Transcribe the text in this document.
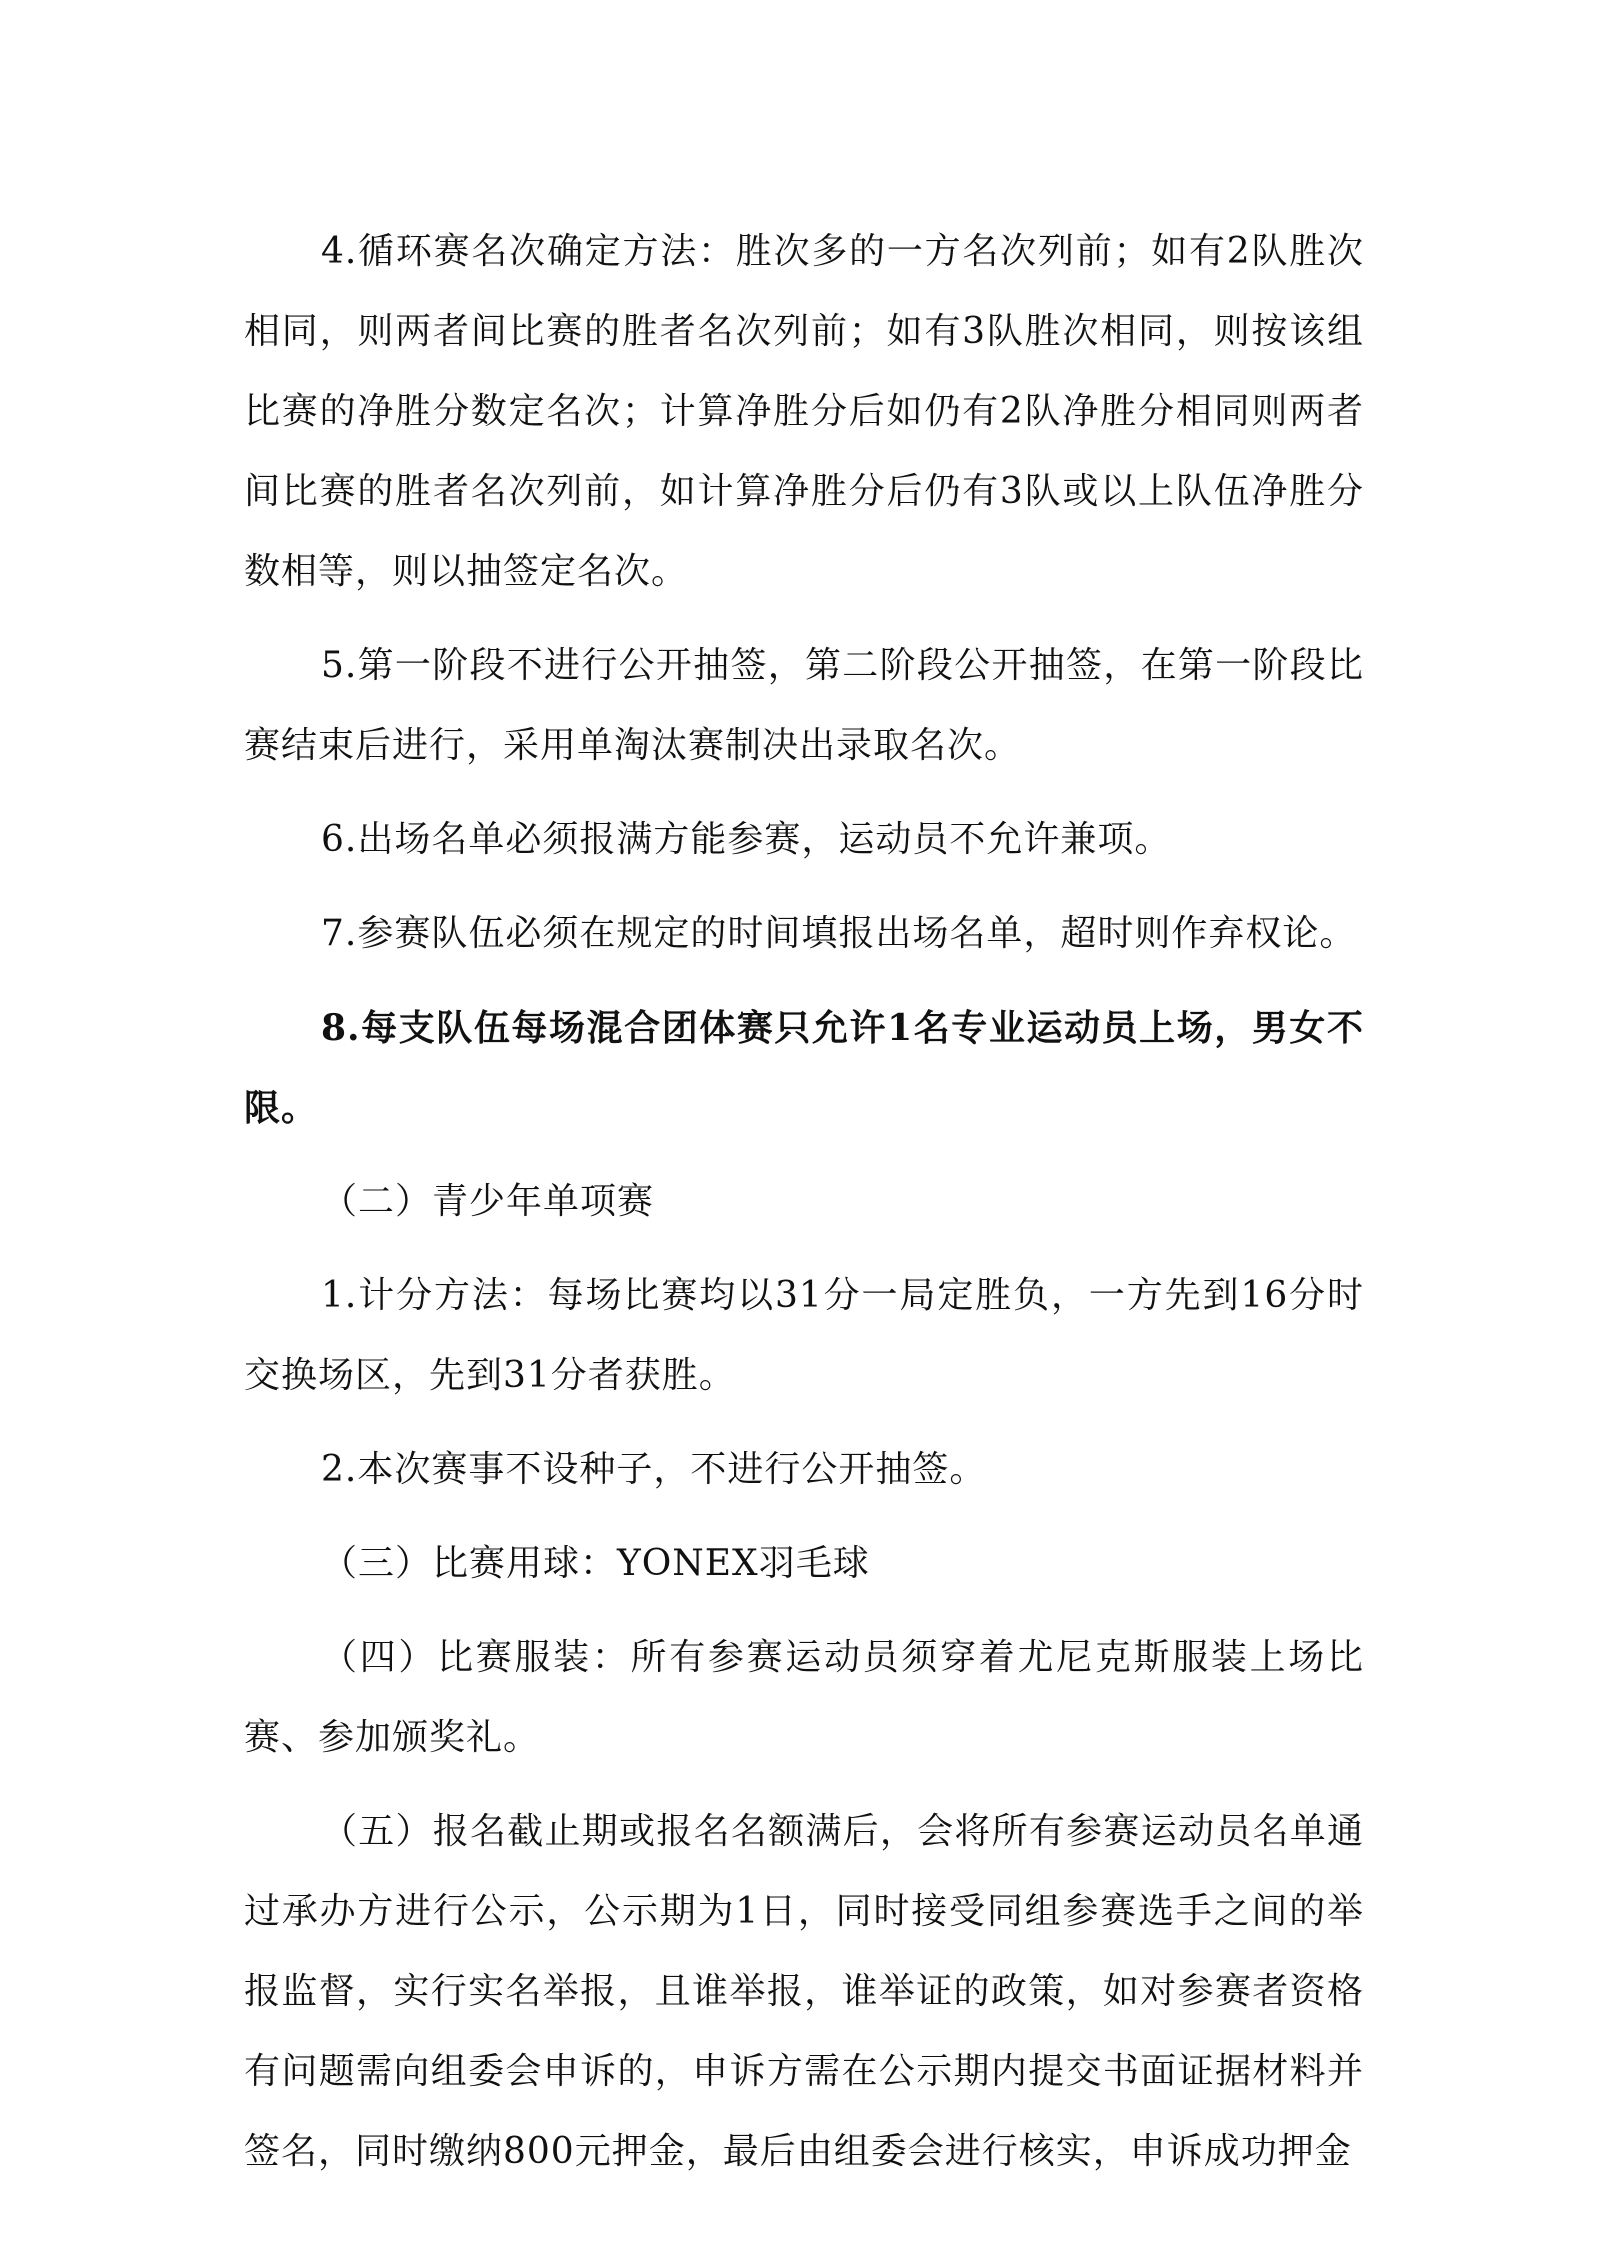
4.循环赛名次确定方法：胜次多的一方名次列前；如有2队胜次相同，则两者间比赛的胜者名次列前；如有3队胜次相同，则按该组比赛的净胜分数定名次；计算净胜分后如仍有2队净胜分相同则两者间比赛的胜者名次列前，如计算净胜分后仍有3队或以上队伍净胜分数相等，则以抽签定名次。

5.第一阶段不进行公开抽签，第二阶段公开抽签，在第一阶段比赛结束后进行，采用单淘汰赛制决出录取名次。

6.出场名单必须报满方能参赛，运动员不允许兼项。

7.参赛队伍必须在规定的时间填报出场名单，超时则作弃权论。

8.每支队伍每场混合团体赛只允许1名专业运动员上场，男女不限。

（二）青少年单项赛

1.计分方法：每场比赛均以31分一局定胜负，一方先到16分时交换场区，先到31分者获胜。

2.本次赛事不设种子，不进行公开抽签。

（三）比赛用球：YONEX羽毛球

（四）比赛服装：所有参赛运动员须穿着尤尼克斯服装上场比赛、参加颁奖礼。

（五）报名截止期或报名名额满后，会将所有参赛运动员名单通过承办方进行公示，公示期为1日，同时接受同组参赛选手之间的举报监督，实行实名举报，且谁举报，谁举证的政策，如对参赛者资格有问题需向组委会申诉的，申诉方需在公示期内提交书面证据材料并签名，同时缴纳800元押金，最后由组委会进行核实，申诉成功押金
